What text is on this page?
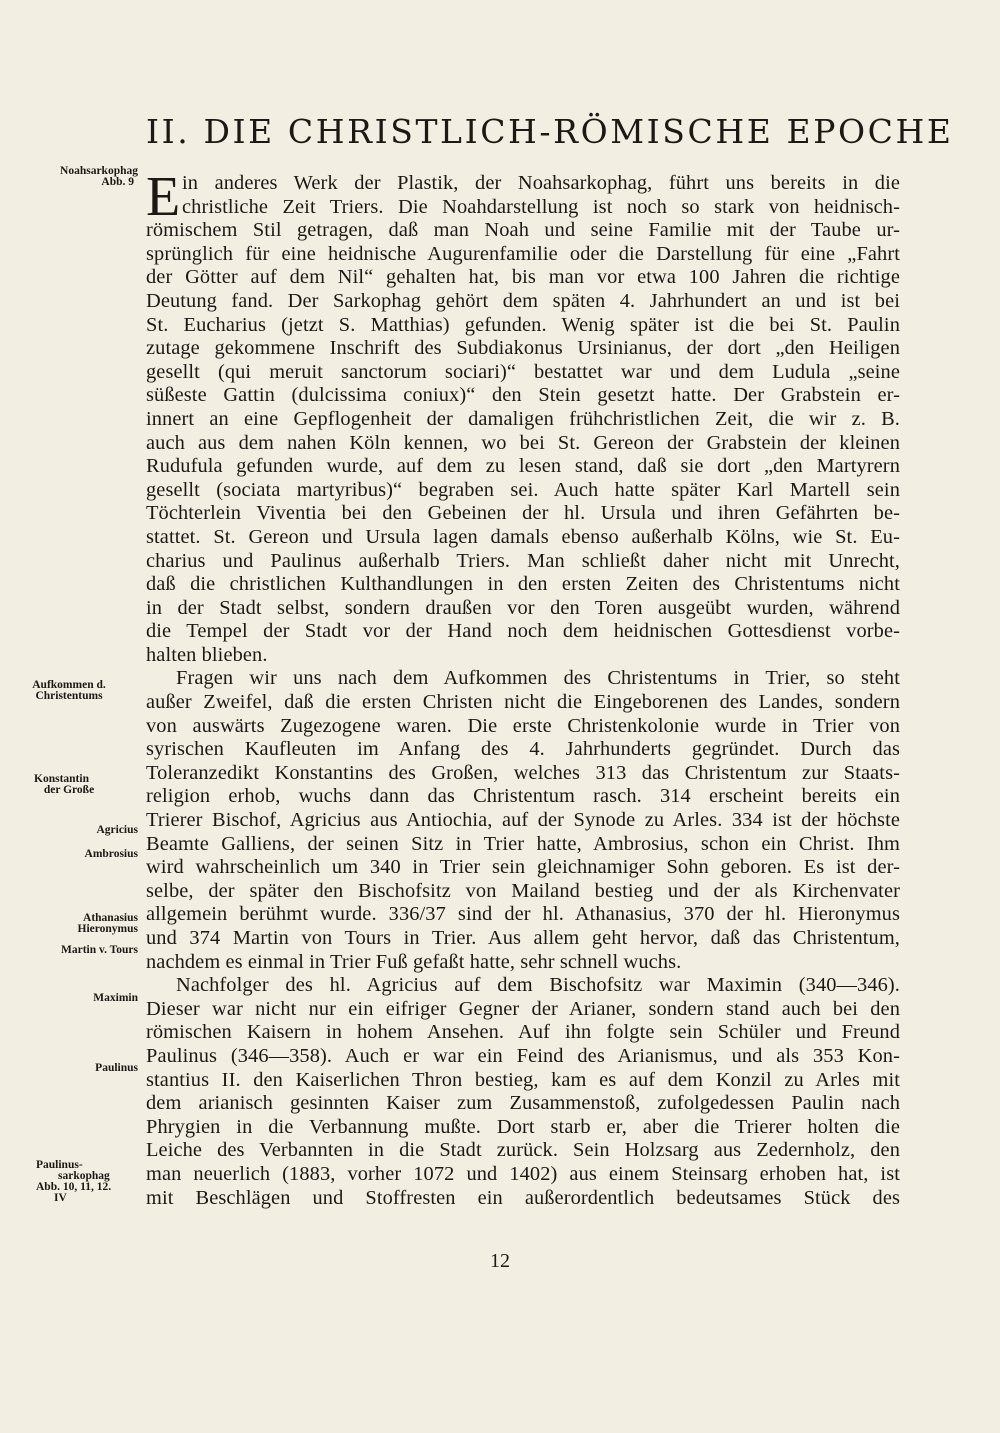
II. DIE CHRISTLICH-RÖMISCHE EPOCHE
Noahsarkophag
Abb. 9
Aufkommen d.
Christentums
Konstantin
der Große
Agricius
Ambrosius
Athanasius
Hieronymus
Martin v. Tours
Maximin
Paulinus
Paulinus-
sarkophag
Abb. 10, 11, 12.
IV
E in anderes Werk der Plastik, der Noahsarkophag, führt uns bereits in die
christliche Zeit Triers. Die Noahdarstellung ist noch so stark von heidnisch-
römischem Stil getragen, daß man Noah und seine Familie mit der Taube ur-
sprünglich für eine heidnische Augurenfamilie oder die Darstellung für eine „Fahrt
der Götter auf dem Nil“ gehalten hat, bis man vor etwa 100 Jahren die richtige
Deutung fand. Der Sarkophag gehört dem späten 4. Jahrhundert an und ist bei
St. Eucharius (jetzt S. Matthias) gefunden. Wenig später ist die bei St. Paulin
zutage gekommene Inschrift des Subdiakonus Ursinianus, der dort „den Heiligen
gesellt (qui meruit sanctorum sociari)“ bestattet war und dem Ludula „seine
süßeste Gattin (dulcissima coniux)“ den Stein gesetzt hatte. Der Grabstein er-
innert an eine Gepflogenheit der damaligen frühchristlichen Zeit, die wir z. B.
auch aus dem nahen Köln kennen, wo bei St. Gereon der Grabstein der kleinen
Rudufula gefunden wurde, auf dem zu lesen stand, daß sie dort „den Martyrern
gesellt (sociata martyribus)“ begraben sei. Auch hatte später Karl Martell sein
Töchterlein Viventia bei den Gebeinen der hl. Ursula und ihren Gefährten be-
stattet. St. Gereon und Ursula lagen damals ebenso außerhalb Kölns, wie St. Eu-
charius und Paulinus außerhalb Triers. Man schließt daher nicht mit Unrecht,
daß die christlichen Kulthandlungen in den ersten Zeiten des Christentums nicht
in der Stadt selbst, sondern draußen vor den Toren ausgeübt wurden, während
die Tempel der Stadt vor der Hand noch dem heidnischen Gottesdienst vorbe-
halten blieben.
Fragen wir uns nach dem Aufkommen des Christentums in Trier, so steht
außer Zweifel, daß die ersten Christen nicht die Eingeborenen des Landes, sondern
von auswärts Zugezogene waren. Die erste Christenkolonie wurde in Trier von
syrischen Kaufleuten im Anfang des 4. Jahrhunderts gegründet. Durch das
Toleranzedikt Konstantins des Großen, welches 313 das Christentum zur Staats-
religion erhob, wuchs dann das Christentum rasch. 314 erscheint bereits ein
Trierer Bischof, Agricius aus Antiochia, auf der Synode zu Arles. 334 ist der höchste
Beamte Galliens, der seinen Sitz in Trier hatte, Ambrosius, schon ein Christ. Ihm
wird wahrscheinlich um 340 in Trier sein gleichnamiger Sohn geboren. Es ist der-
selbe, der später den Bischofsitz von Mailand bestieg und der als Kirchenvater
allgemein berühmt wurde. 336/37 sind der hl. Athanasius, 370 der hl. Hieronymus
und 374 Martin von Tours in Trier. Aus allem geht hervor, daß das Christentum,
nachdem es einmal in Trier Fuß gefaßt hatte, sehr schnell wuchs.
Nachfolger des hl. Agricius auf dem Bischofsitz war Maximin (340—346).
Dieser war nicht nur ein eifriger Gegner der Arianer, sondern stand auch bei den
römischen Kaisern in hohem Ansehen. Auf ihn folgte sein Schüler und Freund
Paulinus (346—358). Auch er war ein Feind des Arianismus, und als 353 Kon-
stantius II. den Kaiserlichen Thron bestieg, kam es auf dem Konzil zu Arles mit
dem arianisch gesinnten Kaiser zum Zusammenstoß, zufolgedessen Paulin nach
Phrygien in die Verbannung mußte. Dort starb er, aber die Trierer holten die
Leiche des Verbannten in die Stadt zurück. Sein Holzsarg aus Zedernholz, den
man neuerlich (1883, vorher 1072 und 1402) aus einem Steinsarg erhoben hat, ist
mit Beschlägen und Stoffresten ein außerordentlich bedeutsames Stück des
12
